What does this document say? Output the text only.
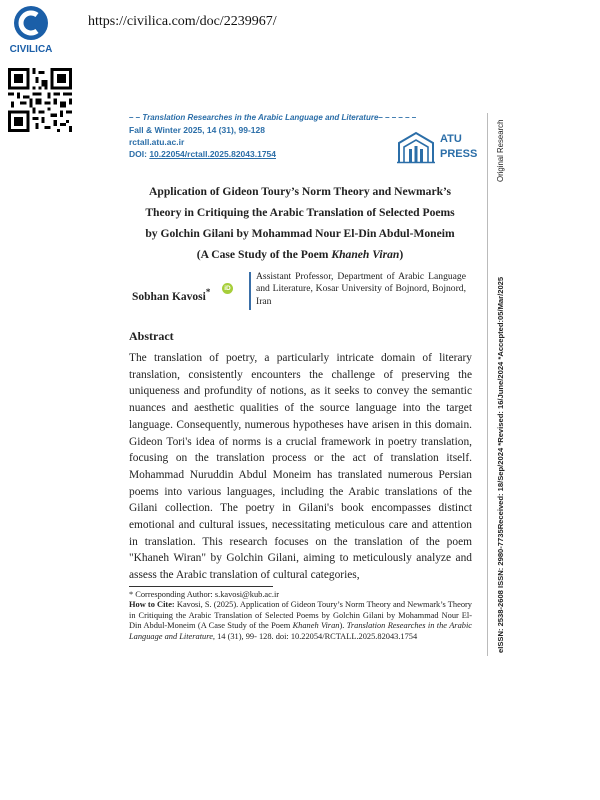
CIVILICA
https://civilica.com/doc/2239967/
– – Translation Researches in the Arabic Language and Literature– – – – – –
Fall & Winter 2025, 14 (31), 99-128
rctall.atu.ac.ir
DOI: 10.22054/rctall.2025.82043.1754
ATU
PRESS
Application of Gideon Toury’s Norm Theory and Newmark’s
Theory in Critiquing the Arabic Translation of Selected Poems
by Golchin Gilani by Mohammad Nour El-Din Abdul-Moneim
(A Case Study of the Poem Khaneh Viran)
Sobhan Kavosi*	iD
Assistant Professor, Department of Arabic Language and Literature, Kosar University of Bojnord, Bojnord, Iran
Abstract
The translation of poetry, a particularly intricate domain of literary translation, consistently encounters the challenge of preserving the uniqueness and profundity of notions, as it seeks to convey the semantic nuances and aesthetic qualities of the source language into the target language. Consequently, numerous hypotheses have arisen in this domain. Gideon Tori's idea of norms is a crucial framework in poetry translation, focusing on the translation process or the act of translation itself. Mohammad Nuruddin Abdul Moneim has translated numerous Persian poems into various languages, including the Arabic translations of the Gilani collection. The poetry in Gilani's book encompasses distinct emotional and cultural issues, necessitating meticulous care and attention in translation. This research focuses on the translation of the poem "Khaneh Wiran" by Golchin Gilani, aiming to meticulously analyze and assess the Arabic translation of cultural categories,
* Corresponding Author: s.kavosi@kub.ac.ir
How to Cite: Kavosi, S. (2025). Application of Gideon Toury’s Norm Theory and Newmark’s Theory in Critiquing the Arabic Translation of Selected Poems by Golchin Gilani by Mohammad Nour El-Din Abdul-Moneim (A Case Study of the Poem Khaneh Viran). Translation Researches in the Arabic Language and Literature, 14 (31), 99- 128. doi: 10.22054/RCTALL.2025.82043.1754
Original Research
eISSN: 2538-2608 ISSN: 2980-7735Received: 18/Sep/2024 *Revised: 16/June/2024 *Accepted:05/Mar/2025
